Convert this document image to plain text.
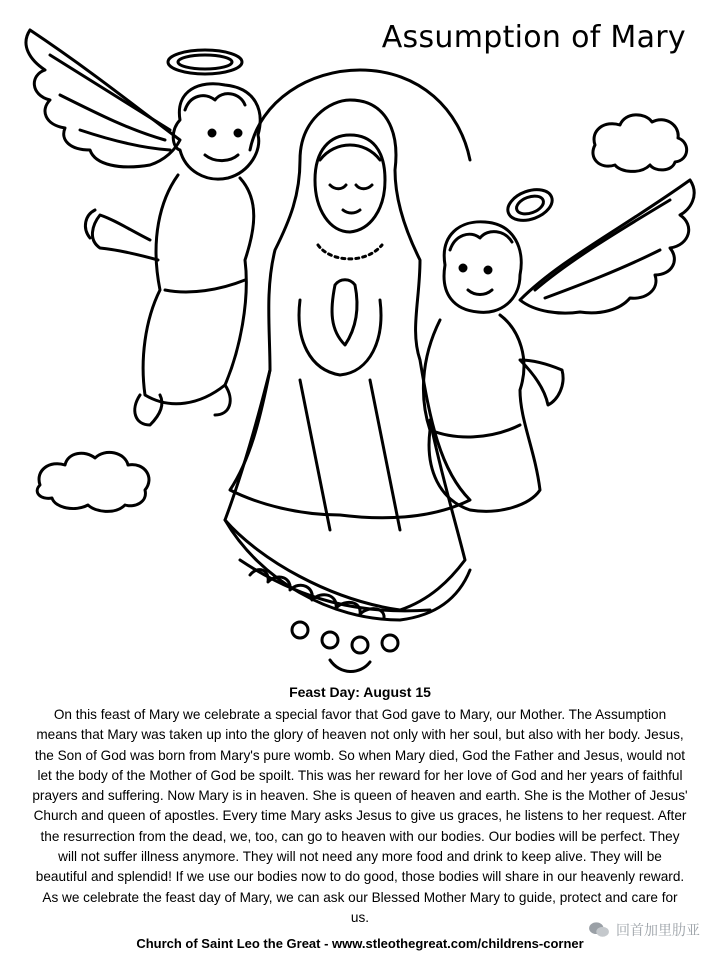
Assumption of Mary
Feast Day: August 15
On this feast of Mary we celebrate a special favor that God gave to Mary, our Mother. The Assumption means that Mary was taken up into the glory of heaven not only with her soul, but also with her body. Jesus, the Son of God was born from Mary's pure womb. So when Mary died, God the Father and Jesus, would not let the body of the Mother of God be spoilt. This was her reward for her love of God and her years of faithful prayers and suffering. Now Mary is in heaven. She is queen of heaven and earth. She is the Mother of Jesus' Church and queen of apostles. Every time Mary asks Jesus to give us graces, he listens to her request. After the resurrection from the dead, we, too, can go to heaven with our bodies. Our bodies will be perfect. They will not suffer illness anymore. They will not need any more food and drink to keep alive. They will be beautiful and splendid! If we use our bodies now to do good, those bodies will share in our heavenly reward. As we celebrate the feast day of Mary, we can ask our Blessed Mother Mary to guide, protect and care for us.
Church of Saint Leo the Great - www.stleothegreat.com/childrens-corner
回首加里肋亚
